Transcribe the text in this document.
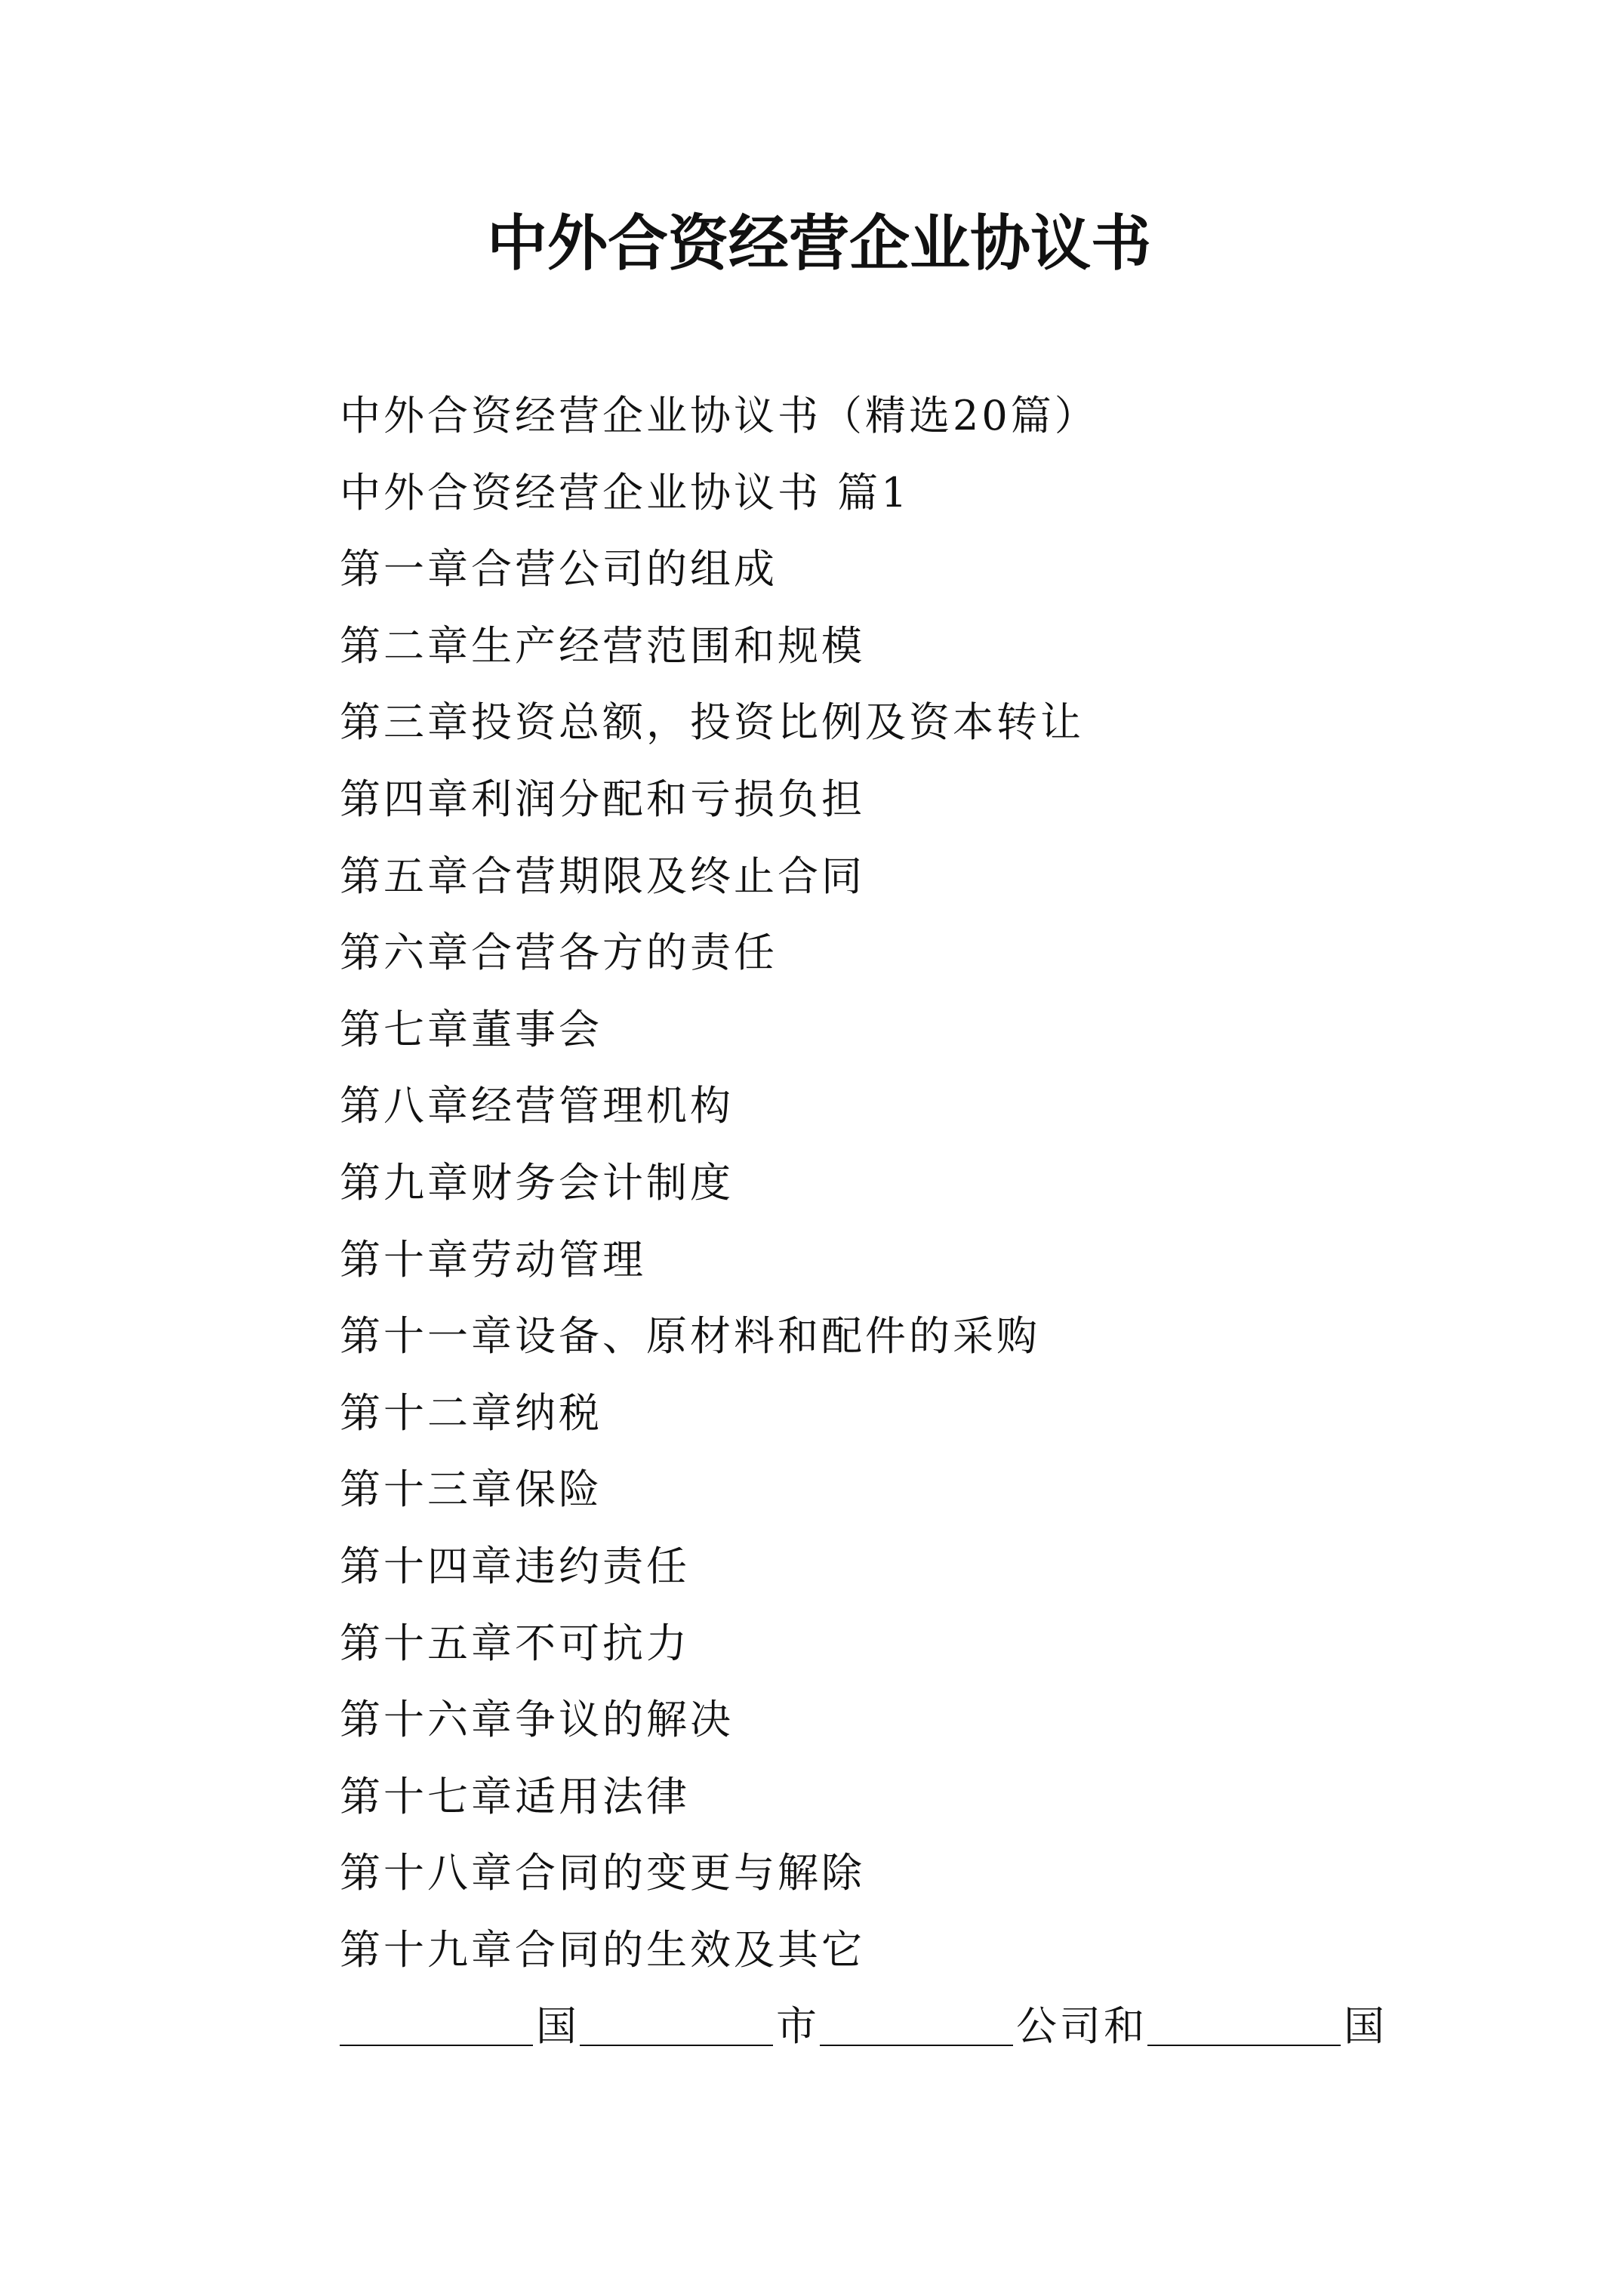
中外合资经营企业协议书
中外合资经营企业协议书（精选20篇）
中外合资经营企业协议书 篇1
第一章合营公司的组成
第二章生产经营范围和规模
第三章投资总额，投资比例及资本转让
第四章利润分配和亏损负担
第五章合营期限及终止合同
第六章合营各方的责任
第七章董事会
第八章经营管理机构
第九章财务会计制度
第十章劳动管理
第十一章设备、原材料和配件的采购
第十二章纳税
第十三章保险
第十四章违约责任
第十五章不可抗力
第十六章争议的解决
第十七章适用法律
第十八章合同的变更与解除
第十九章合同的生效及其它
国	市	公司和	国
